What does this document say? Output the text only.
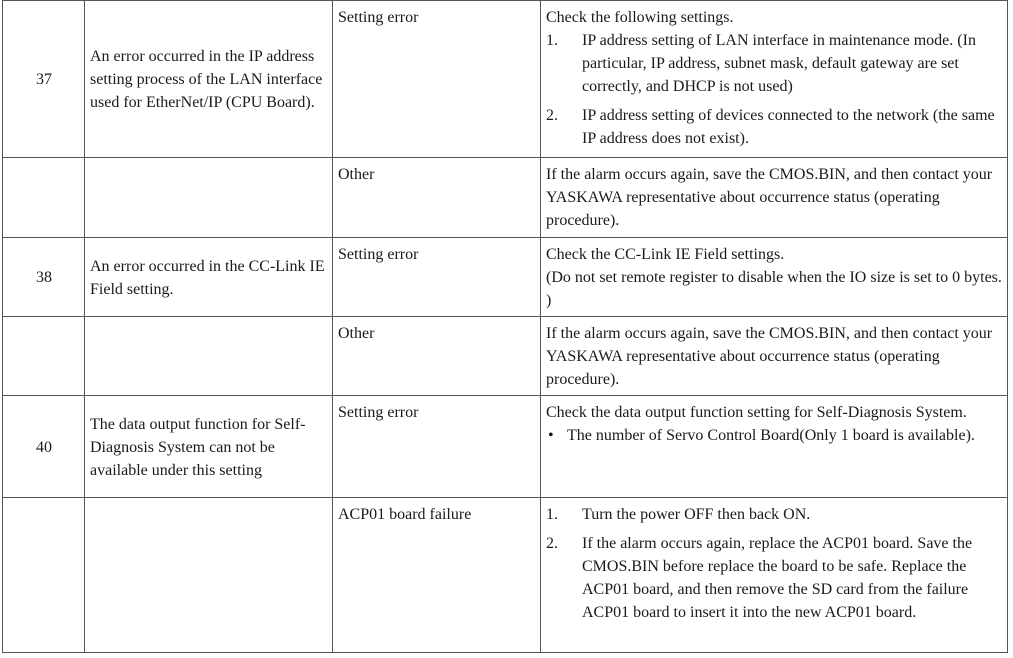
37	An error occurred in the IP address setting process of the LAN interface used for EtherNet/IP (CPU Board).	Setting error	Check the following settings.
1. IP address setting of LAN interface in maintenance mode. (In particular, IP address, subnet mask, default gateway are set correctly, and DHCP is not used)
2. IP address setting of devices connected to the network (the same IP address does not exist).

		Other	If the alarm occurs again, save the CMOS.BIN, and then contact your YASKAWA representative about occurrence status (operating procedure).
38	An error occurred in the CC-Link IE Field setting.	Setting error	Check the CC-Link IE Field settings.
(Do not set remote register to disable when the IO size is set to 0 bytes. )

		Other	If the alarm occurs again, save the CMOS.BIN, and then contact your YASKAWA representative about occurrence status (operating procedure).
40	The data output function for Self-Diagnosis System can not be available under this setting	Setting error	Check the data output function setting for Self-Diagnosis System.
• The number of Servo Control Board(Only 1 board is available).

		ACP01 board failure	1. Turn the power OFF then back ON.
2. If the alarm occurs again, replace the ACP01 board. Save the CMOS.BIN before replace the board to be safe. Replace the ACP01 board, and then remove the SD card from the failure ACP01 board to insert it into the new ACP01 board.
